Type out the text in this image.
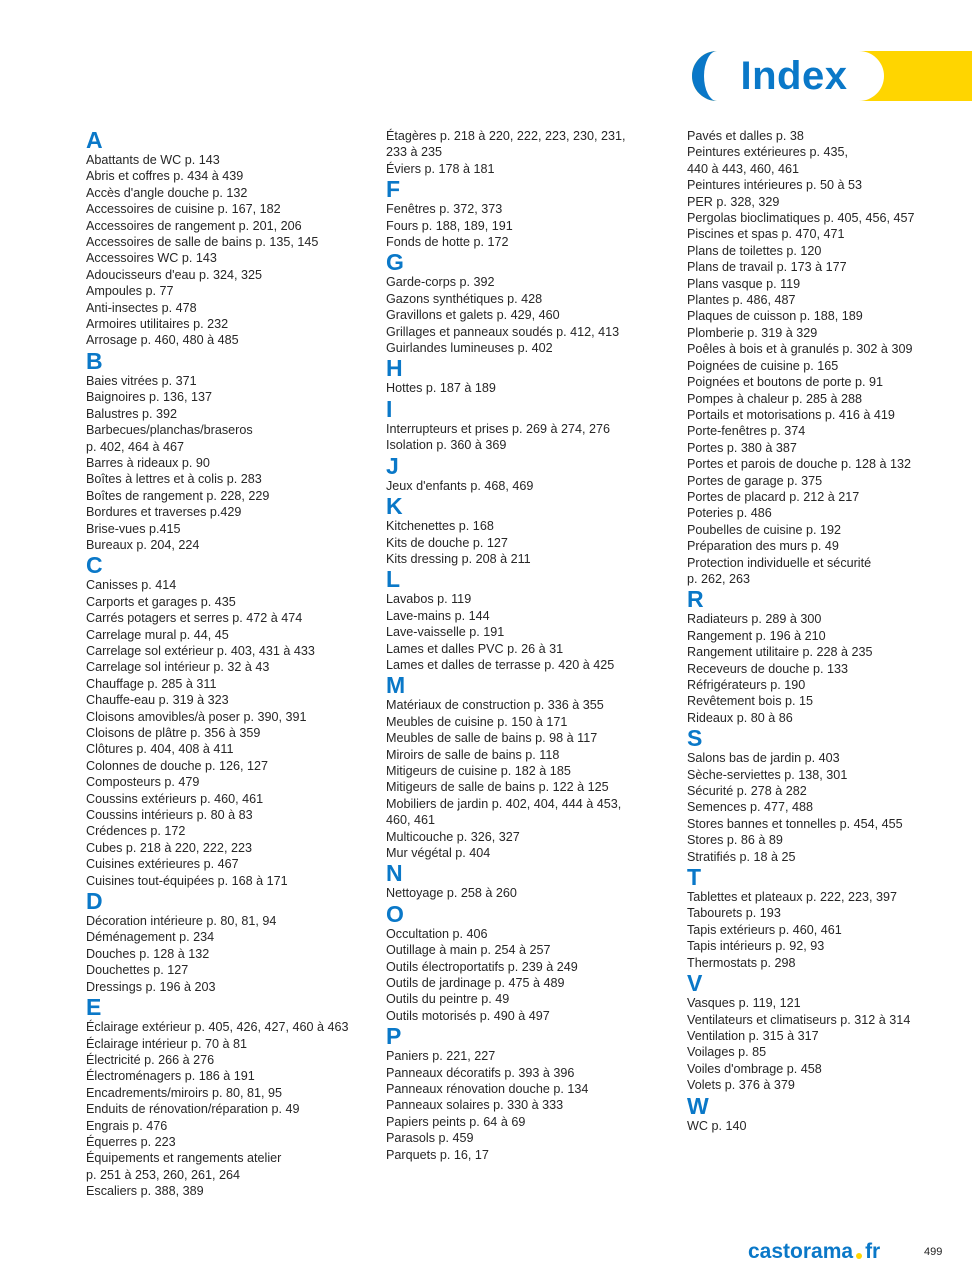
Index
A
Abattants de WC p. 143
Abris et coffres p. 434 à 439
Accès d'angle douche p. 132
Accessoires de cuisine p. 167, 182
Accessoires de rangement p. 201, 206
Accessoires de salle de bains p. 135, 145
Accessoires WC p. 143
Adoucisseurs d'eau p. 324, 325
Ampoules p. 77
Anti-insectes p. 478
Armoires utilitaires p. 232
Arrosage p. 460, 480 à 485
B
Baies vitrées p. 371
Baignoires p. 136, 137
Balustres p. 392
Barbecues/planchas/braseros
p. 402, 464 à 467
Barres à rideaux p. 90
Boîtes à lettres et à colis p. 283
Boîtes de rangement p. 228, 229
Bordures et traverses p.429
Brise-vues p.415
Bureaux p. 204, 224
C
Canisses p. 414
Carports et garages p. 435
Carrés potagers et serres p. 472 à 474
Carrelage mural p. 44, 45
Carrelage sol extérieur p. 403, 431 à 433
Carrelage sol intérieur p. 32 à 43
Chauffage p. 285 à 311
Chauffe-eau p. 319 à 323
Cloisons amovibles/à poser p. 390, 391
Cloisons de plâtre p. 356 à 359
Clôtures p. 404, 408 à 411
Colonnes de douche p. 126, 127
Composteurs p. 479
Coussins extérieurs p. 460, 461
Coussins intérieurs p. 80 à 83
Crédences p. 172
Cubes p. 218 à 220, 222, 223
Cuisines extérieures p. 467
Cuisines tout-équipées p. 168 à 171
D
Décoration intérieure p. 80, 81, 94
Déménagement p. 234
Douches p. 128 à 132
Douchettes p. 127
Dressings p. 196 à 203
E
Éclairage extérieur p. 405, 426, 427, 460 à 463
Éclairage intérieur p. 70 à 81
Électricité p. 266 à 276
Électroménagers p. 186 à 191
Encadrements/miroirs p. 80, 81, 95
Enduits de rénovation/réparation p. 49
Engrais p. 476
Équerres p. 223
Équipements et rangements atelier
p. 251 à 253, 260, 261, 264
Escaliers p. 388, 389
Étagères p. 218 à 220, 222, 223, 230, 231,
233 à 235
Éviers p. 178 à 181
F
Fenêtres p. 372, 373
Fours p. 188, 189, 191
Fonds de hotte p. 172
G
Garde-corps p. 392
Gazons synthétiques p. 428
Gravillons et galets p. 429, 460
Grillages et panneaux soudés p. 412, 413
Guirlandes lumineuses p. 402
H
Hottes p. 187 à 189
I
Interrupteurs et prises p. 269 à 274, 276
Isolation p. 360 à 369
J
Jeux d'enfants p. 468, 469
K
Kitchenettes p. 168
Kits de douche p. 127
Kits dressing p. 208 à 211
L
Lavabos p. 119
Lave-mains p. 144
Lave-vaisselle p. 191
Lames et dalles PVC p. 26 à 31
Lames et dalles de terrasse p. 420 à 425
M
Matériaux de construction p. 336 à 355
Meubles de cuisine p. 150 à 171
Meubles de salle de bains p. 98 à 117
Miroirs de salle de bains p. 118
Mitigeurs de cuisine p. 182 à 185
Mitigeurs de salle de bains p. 122 à 125
Mobiliers de jardin p. 402, 404, 444 à 453,
460, 461
Multicouche p. 326, 327
Mur végétal p. 404
N
Nettoyage p. 258 à 260
O
Occultation p. 406
Outillage à main p. 254 à 257
Outils électroportatifs p. 239 à 249
Outils de jardinage p. 475 à 489
Outils du peintre p. 49
Outils motorisés p. 490 à 497
P
Paniers p. 221, 227
Panneaux décoratifs p. 393 à 396
Panneaux rénovation douche p. 134
Panneaux solaires p. 330 à 333
Papiers peints p. 64 à 69
Parasols p. 459
Parquets p. 16, 17
Pavés et dalles p. 38
Peintures extérieures p. 435,
440 à 443, 460, 461
Peintures intérieures p. 50 à 53
PER p. 328, 329
Pergolas bioclimatiques p. 405, 456, 457
Piscines et spas p. 470, 471
Plans de toilettes p. 120
Plans de travail p. 173 à 177
Plans vasque p. 119
Plantes p. 486, 487
Plaques de cuisson p. 188, 189
Plomberie p. 319 à 329
Poêles à bois et à granulés p. 302 à 309
Poignées de cuisine p. 165
Poignées et boutons de porte p. 91
Pompes à chaleur p. 285 à 288
Portails et motorisations p. 416 à 419
Porte-fenêtres p. 374
Portes p. 380 à 387
Portes et parois de douche p. 128 à 132
Portes de garage p. 375
Portes de placard p. 212 à 217
Poteries p. 486
Poubelles de cuisine p. 192
Préparation des murs p. 49
Protection individuelle et sécurité
p. 262, 263
R
Radiateurs p. 289 à 300
Rangement p. 196 à 210
Rangement utilitaire p. 228 à 235
Receveurs de douche p. 133
Réfrigérateurs p. 190
Revêtement bois p. 15
Rideaux p. 80 à 86
S
Salons bas de jardin p. 403
Sèche-serviettes p. 138, 301
Sécurité p. 278 à 282
Semences p. 477, 488
Stores bannes et tonnelles p. 454, 455
Stores p. 86 à 89
Stratifiés p. 18 à 25
T
Tablettes et plateaux p. 222, 223, 397
Tabourets p. 193
Tapis extérieurs p. 460, 461
Tapis intérieurs p. 92, 93
Thermostats p. 298
V
Vasques p. 119, 121
Ventilateurs et climatiseurs p. 312 à 314
Ventilation p. 315 à 317
Voilages p. 85
Voiles d'ombrage p. 458
Volets p. 376 à 379
W
WC p. 140
castorama fr	499
